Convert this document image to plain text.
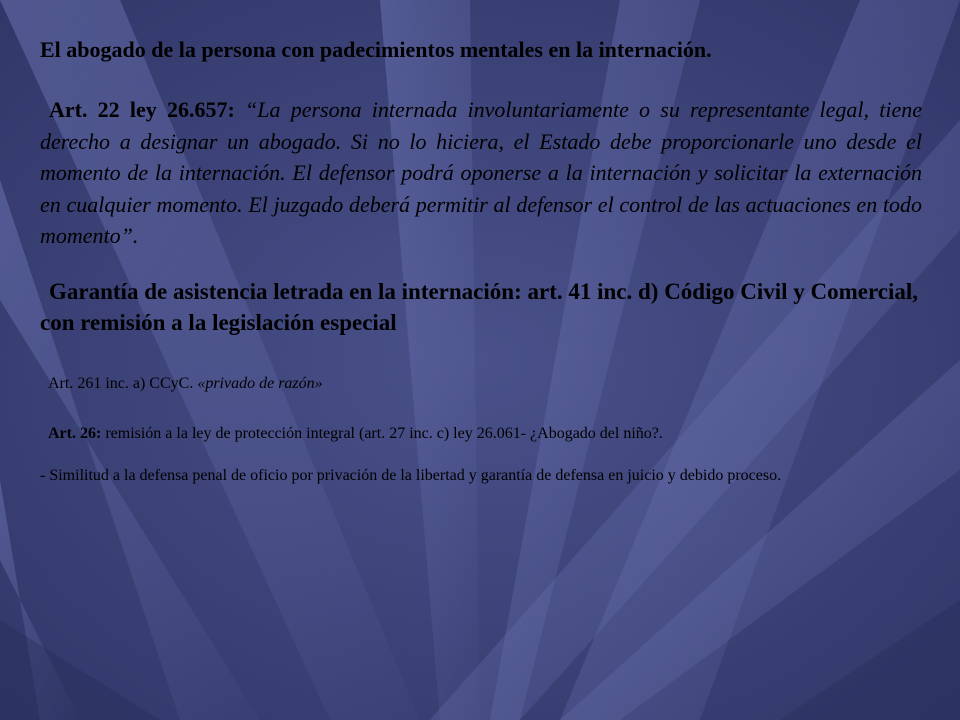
El abogado de la persona con padecimientos mentales en la internación.

Art. 22 ley 26.657: “La persona internada involuntariamente o su representante legal, tiene derecho a designar un abogado. Si no lo hiciera, el Estado debe proporcionarle uno desde el momento de la internación. El defensor podrá oponerse a la internación y solicitar la externación en cualquier momento. El juzgado deberá permitir al defensor el control de las actuaciones en todo momento”.

Garantía de asistencia letrada en la internación: art. 41 inc. d) Código Civil y Comercial, con remisión a la legislación especial

Art. 261 inc. a) CCyC. «privado de razón»

Art. 26: remisión a la ley de protección integral (art. 27 inc. c) ley 26.061- ¿Abogado del niño?.

- Similitud a la defensa penal de oficio por privación de la libertad y garantía de defensa en juicio y debido proceso.
